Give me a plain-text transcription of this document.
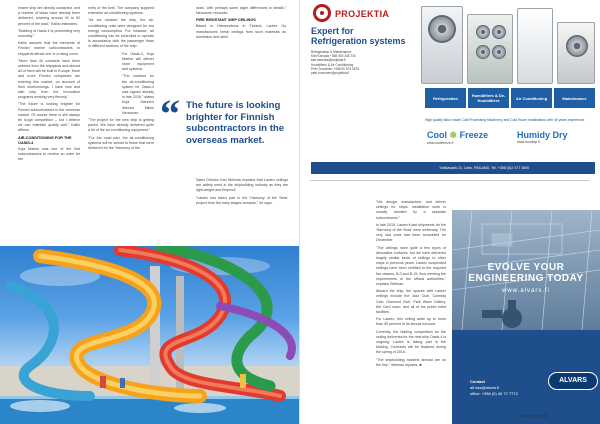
nearer ship are directly contacted, and a number of ideas have already been delivered, covering around 40 to 50 percent of the total," Kalliio estimates.

"Building of Oasis 4 is proceeding very smoothly."

Kallio assures that the elements of Finnish marine subcontractors to shipyards attract one or a rising curve.

"More than 40 contracts have been ordered from the shipyards and almost all of them will be built in Europe. More and more Finnish companies are entering this market, on account of their shortcomings. I have now and with help from the Innovation programs working very fiercely."

"The future is looking brighter for Finnish subcontractors in the overseas market. Of course there is still always be tough competition – but I believe we can maintain quality well," Kallio affirms.

AIR-CONDITIONING FOR THE OASIS-4

Koja Marine was one of the first subcontractors to receive an order for the

entry of the keel. The company supplied extensive air-conditioning systems.

"As we showed the ship, the air-conditioning units were designed for low energy consumption. For instance, air conditioning can be controlled to operate in accordance with the passenger flows in different sections of the ship.

For Oasis-4, Koja Marine will deliver more equipment and systems.

"The contract for the air-conditioning system for Oasis-4 was signed already in late 2016," states Koja Marine's director Mikko Neuvonen.

"The project for the new ship is getting paced. We have already delivered quite a bit of the air-conditioning equipment."

"For the most part, the air-conditioning systems will be similar to those that were delivered for the 'Harmony of the

seas,' with perhaps some slight differences in details," Neuvonen recounts.

FIRE RESISTANT SHIP CEILINGS

Based in Hämeenlinna in Finland, Lautex Oy manufactures metal ceilings from such materials as aluminium and steel.

“ The future is looking brighter for Finnish subcontractors in the overseas market.

Sales Director Kari Welmas explains that Lautex ceilings are widely used in the shipbuilding industry as they are light-weight and fireproof.

"Lautex has taken part in the 'Harmony of the Seas' project from the early stages onwards," he says.

PROJEKTIA
Expert for Refrigeration systems
Refrigeration & Maintenance
Kari Kansola +358 400 345 730
kari.kansola@projektia.fi
Humidifiers & Air Conditioning
Petri Tuominen +358 50 573 0875
petri.tuominen@projektia.fi
Refrigeration	Humidifiers & De-Humidifiers	Air Conditioning	Maintenance
High quality tailor made Cold Processing Machinery and Cold Room Installations with 45 years experience
Cool ❄ Freeze
www.coolfreeze.fi
Humidy Dry
www.humitop.fi
Tuikkavarik 21, Lieto, FINLAND, Tel. +358 (0)2 477 3600

"We design, manufacture, and deliver ceilings for ships. Installation work is usually handled by a separate subcontractor."

In late 2015, Lautex's last shipments for the 'Harmony of the Seas' were underway. The very last ones had been scheduled for December.

"The ceilings have quite a few types of decorative surfaces, but we have delivered largely similar kinds of ceilings to other ships in previous years. Lautex suspended ceilings have been certified to the required fire classes, B-0 and B-15, thus meeting the requirements of the official authorities," explains Welmas.

Aboard the ship, the spaces with Lautex ceilings include the Jazz Club, Comedy Club, Diamond Club, Park Wave Gallery, the Card room, and all of the public toilet facilities.

For Lautex, this ceiling adds up to more than 50 percent of its annual turnover.

Currently, the bidding competition for the ceiling deliveries for the next ship Oasis-4 is ongoing. Lautex is taking part in the bidding. Contracts will be finalized during the spring of 2016.

"The shipbuilding markets abroad are on the rise," Welmas rejoices. ■

EVOLVE YOUR
ENGINEERING TODAY
www.alvars.fi
Contact
alf.sss@alvars.fi
office: +358 (0) 40 77 7772
ALVARS
Quality Times 13
